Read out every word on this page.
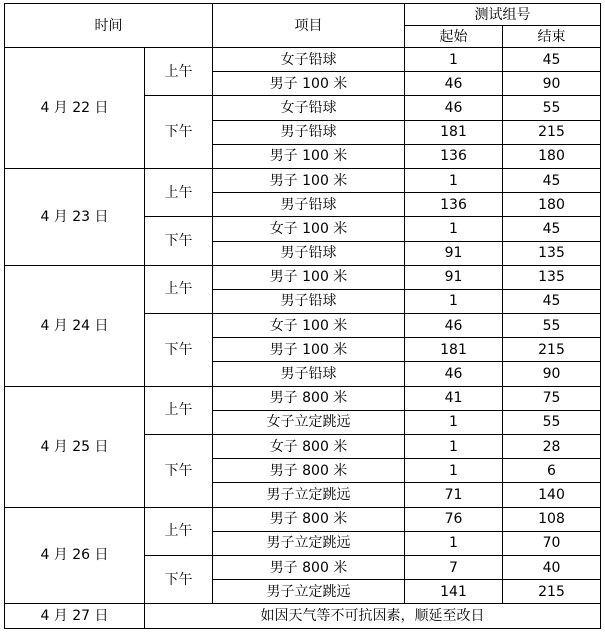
时间		项目	测试组号	
			起始	结束
4 月 22 日	上午	女子铅球	1	45
		男子 100 米	46	90
	下午	女子铅球	46	55
		男子铅球	181	215
		男子 100 米	136	180
4 月 23 日	上午	男子 100 米	1	45
		男子铅球	136	180
	下午	女子 100 米	1	45
		男子铅球	91	135
4 月 24 日	上午	男子 100 米	91	135
		男子铅球	1	45
	下午	女子 100 米	46	55
		男子 100 米	181	215
		男子铅球	46	90
4 月 25 日	上午	男子 800 米	41	75
		女子立定跳远	1	55
	下午	女子 800 米	1	28
		男子 800 米	1	6
		男子立定跳远	71	140
4 月 26 日	上午	男子 800 米	76	108
		男子立定跳远	1	70
	下午	男子 800 米	7	40
		男子立定跳远	141	215
4 月 27 日	如因天气等不可抗因素，顺延至改日			
